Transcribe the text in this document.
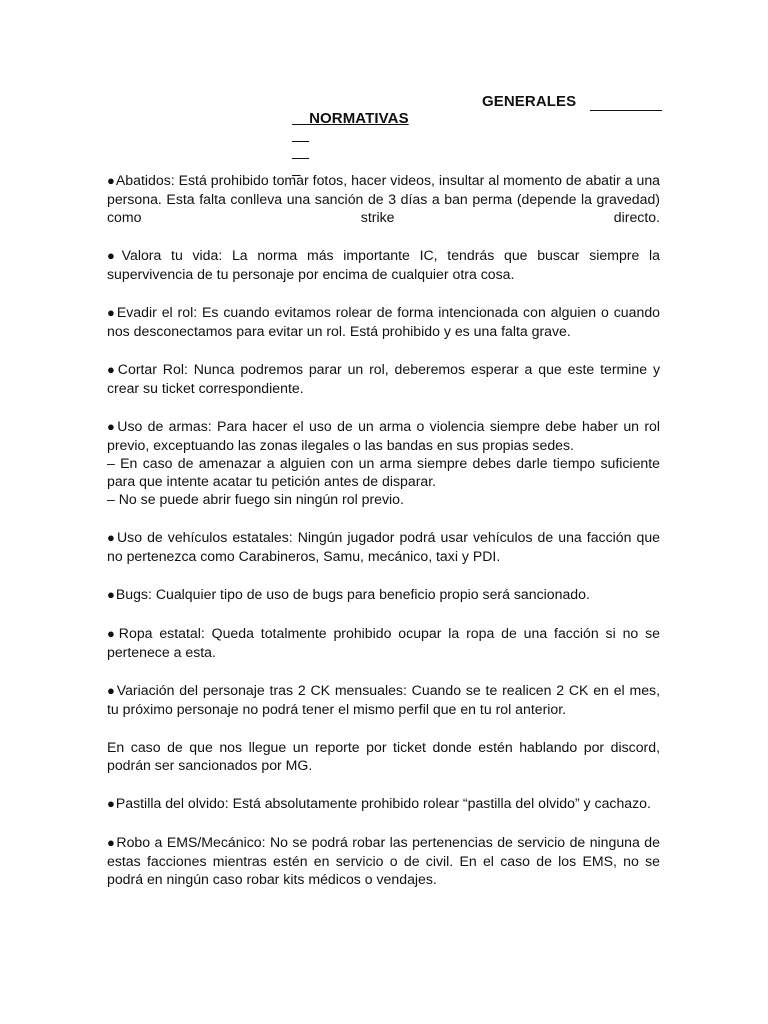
NORMATIVAS

GENERALES

●Abatidos: Está prohibido tomar fotos, hacer videos, insultar al momento de abatir a una persona. Esta falta conlleva una sanción de 3 días a ban perma (depende la gravedad) como strike directo.

●Valora tu vida: La norma más importante IC, tendrás que buscar siempre la supervivencia de tu personaje por encima de cualquier otra cosa.

●Evadir el rol: Es cuando evitamos rolear de forma intencionada con alguien o cuando nos desconectamos para evitar un rol. Está prohibido y es una falta grave.

●Cortar Rol: Nunca podremos parar un rol, deberemos esperar a que este termine y crear su ticket correspondiente.

●Uso de armas: Para hacer el uso de un arma o violencia siempre debe haber un rol previo, exceptuando las zonas ilegales o las bandas en sus propias sedes.

– En caso de amenazar a alguien con un arma siempre debes darle tiempo suficiente para que intente acatar tu petición antes de disparar.

– No se puede abrir fuego sin ningún rol previo.

●Uso de vehículos estatales: Ningún jugador podrá usar vehículos de una facción que no pertenezca como Carabineros, Samu, mecánico, taxi y PDI.

●Bugs: Cualquier tipo de uso de bugs para beneficio propio será sancionado.

●Ropa estatal: Queda totalmente prohibido ocupar la ropa de una facción si no se pertenece a esta.

●Variación del personaje tras 2 CK mensuales: Cuando se te realicen 2 CK en el mes, tu próximo personaje no podrá tener el mismo perfil que en tu rol anterior.

En caso de que nos llegue un reporte por ticket donde estén hablando por discord, podrán ser sancionados por MG.

●Pastilla del olvido: Está absolutamente prohibido rolear “pastilla del olvido” y cachazo.

●Robo a EMS/Mecánico: No se podrá robar las pertenencias de servicio de ninguna de estas facciones mientras estén en servicio o de civil. En el caso de los EMS, no se podrá en ningún caso robar kits médicos o vendajes.
